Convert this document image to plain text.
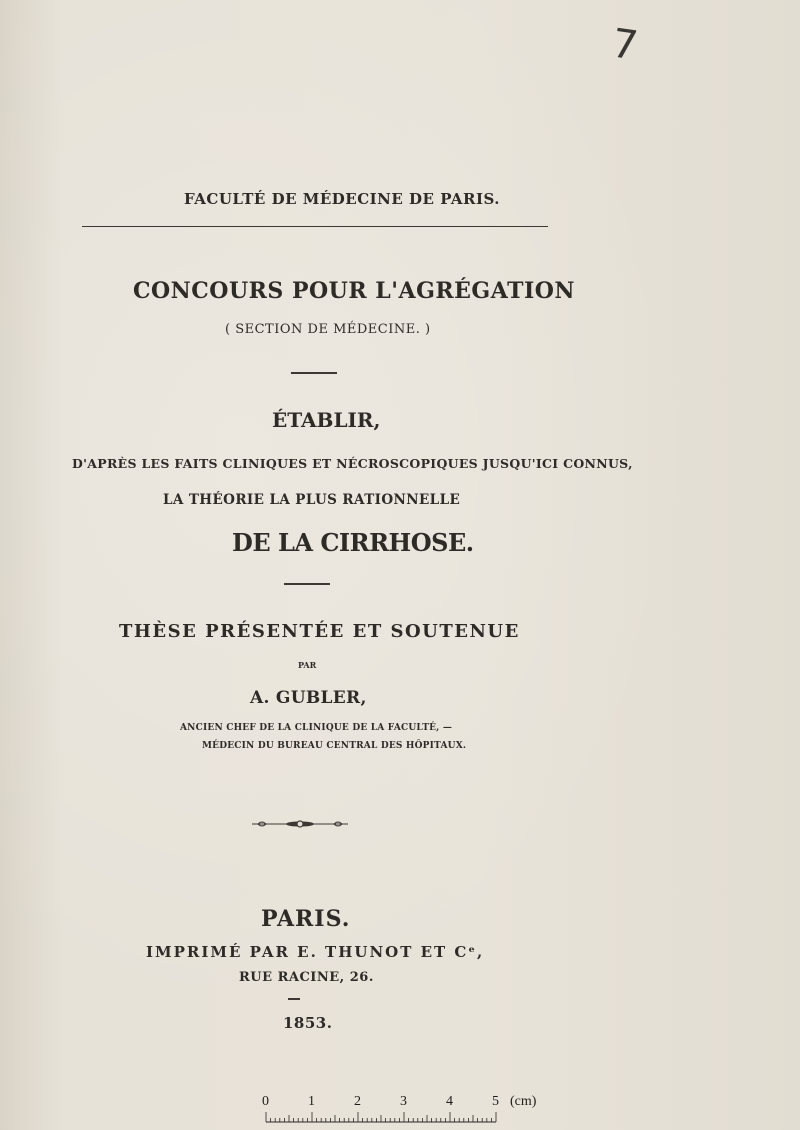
7
FACULTÉ DE MÉDECINE DE PARIS.
CONCOURS POUR L'AGRÉGATION
( SECTION DE MÉDECINE. )
ÉTABLIR,
D'APRÈS LES FAITS CLINIQUES ET NÉCROSCOPIQUES JUSQU'ICI CONNUS,
LA THÉORIE LA PLUS RATIONNELLE
DE LA CIRRHOSE.
THÈSE PRÉSENTÉE ET SOUTENUE
PAR
A. GUBLER,
ANCIEN CHEF DE LA CLINIQUE DE LA FACULTÉ, —
MÉDECIN DU BUREAU CENTRAL DES HÔPITAUX.
PARIS.
IMPRIMÉ PAR E. THUNOT ET Cᵉ,
RUE RACINE, 26.
1853.
0	1	2	3	4	5 (cm)
